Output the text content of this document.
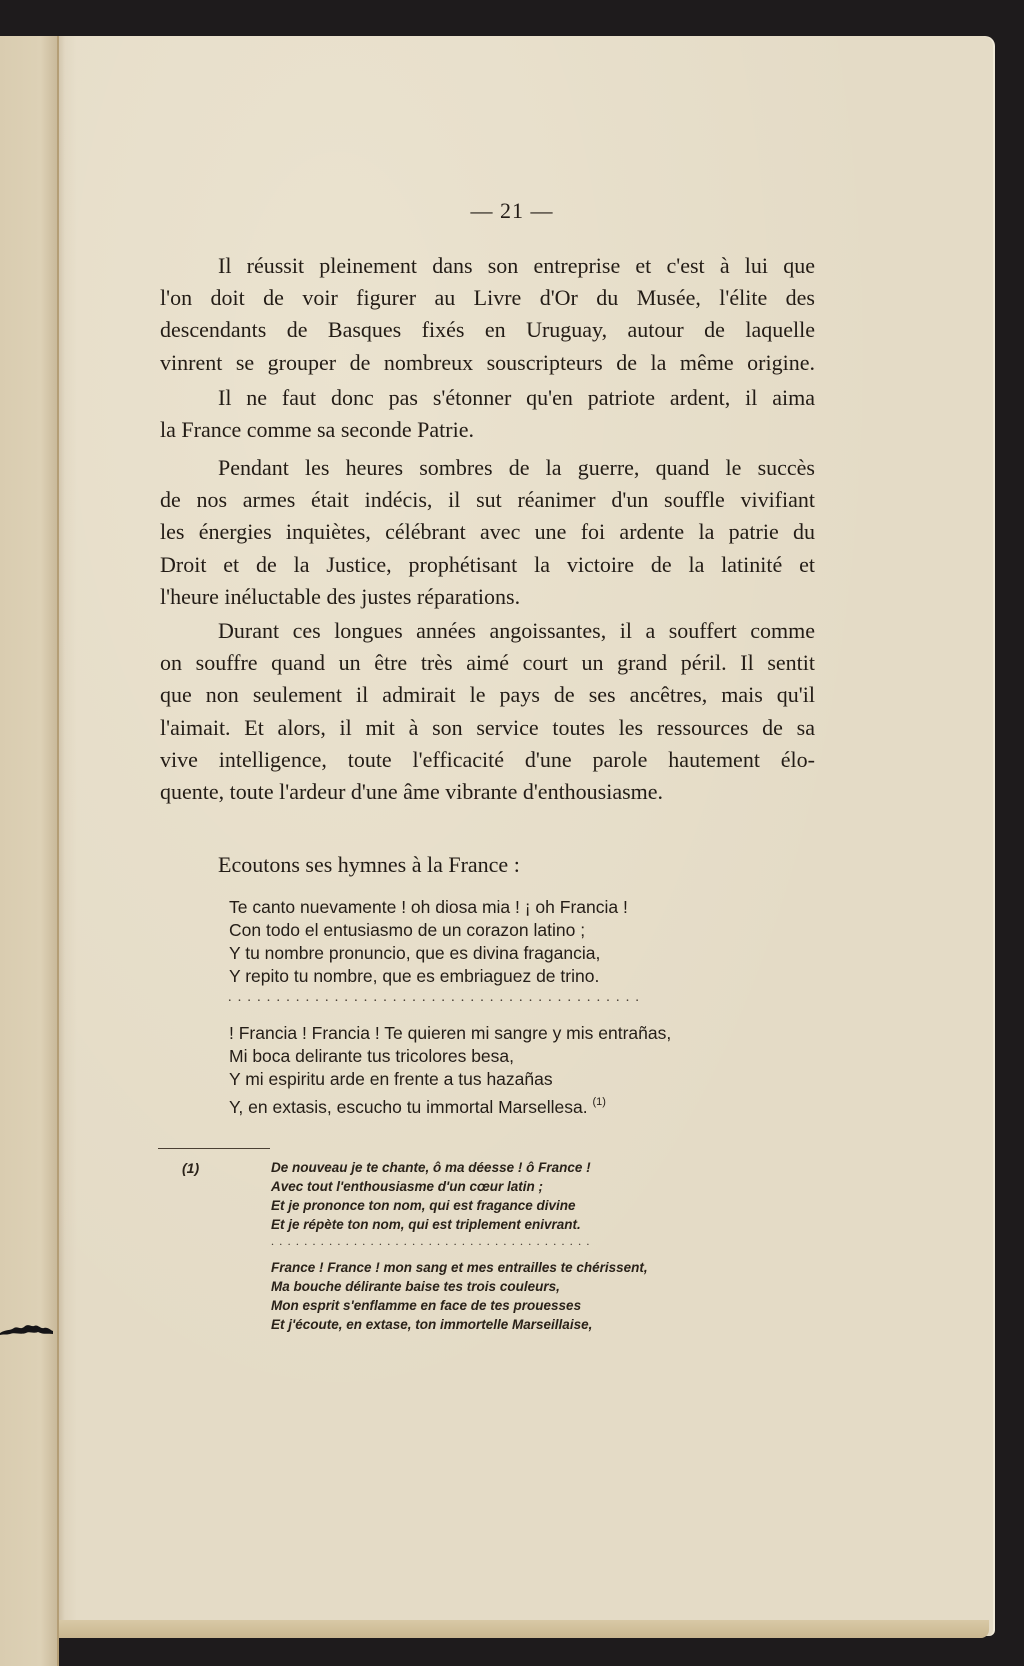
— 21 —
Il réussit pleinement dans son entreprise et c'est à lui que
l'on doit de voir figurer au Livre d'Or du Musée, l'élite des
descendants de Basques fixés en Uruguay, autour de laquelle
vinrent se grouper de nombreux souscripteurs de la même origine.
Il ne faut donc pas s'étonner qu'en patriote ardent, il aima
la France comme sa seconde Patrie.
Pendant les heures sombres de la guerre, quand le succès
de nos armes était indécis, il sut réanimer d'un souffle vivifiant
les énergies inquiètes, célébrant avec une foi ardente la patrie du
Droit et de la Justice, prophétisant la victoire de la latinité et
l'heure inéluctable des justes réparations.
Durant ces longues années angoissantes, il a souffert comme
on souffre quand un être très aimé court un grand péril. Il sentit
que non seulement il admirait le pays de ses ancêtres, mais qu'il
l'aimait. Et alors, il mit à son service toutes les ressources de sa
vive intelligence, toute l'efficacité d'une parole hautement élo-
quente, toute l'ardeur d'une âme vibrante d'enthousiasme.
Ecoutons ses hymnes à la France :
Te canto nuevamente ! oh diosa mia ! ¡ oh Francia !
Con todo el entusiasmo de un corazon latino ;
Y tu nombre pronuncio, que es divina fragancia,
Y repito tu nombre, que es embriaguez de trino.
...........................................
! Francia ! Francia ! Te quieren mi sangre y mis entrañas,
Mi boca delirante tus tricolores besa,
Y mi espiritu arde en frente a tus hazañas
Y, en extasis, escucho tu immortal Marsellesa. $^{(1)}$
(1)	De nouveau je te chante, ô ma déesse ! ô France !
Avec tout l'enthousiasme d'un cœur latin ;
Et je prononce ton nom, qui est fragance divine
Et je répète ton nom, qui est triplement enivrant.
.......................................
France ! France ! mon sang et mes entrailles te chérissent,
Ma bouche délirante baise tes trois couleurs,
Mon esprit s'enflamme en face de tes prouesses
Et j'écoute, en extase, ton immortelle Marseillaise,
